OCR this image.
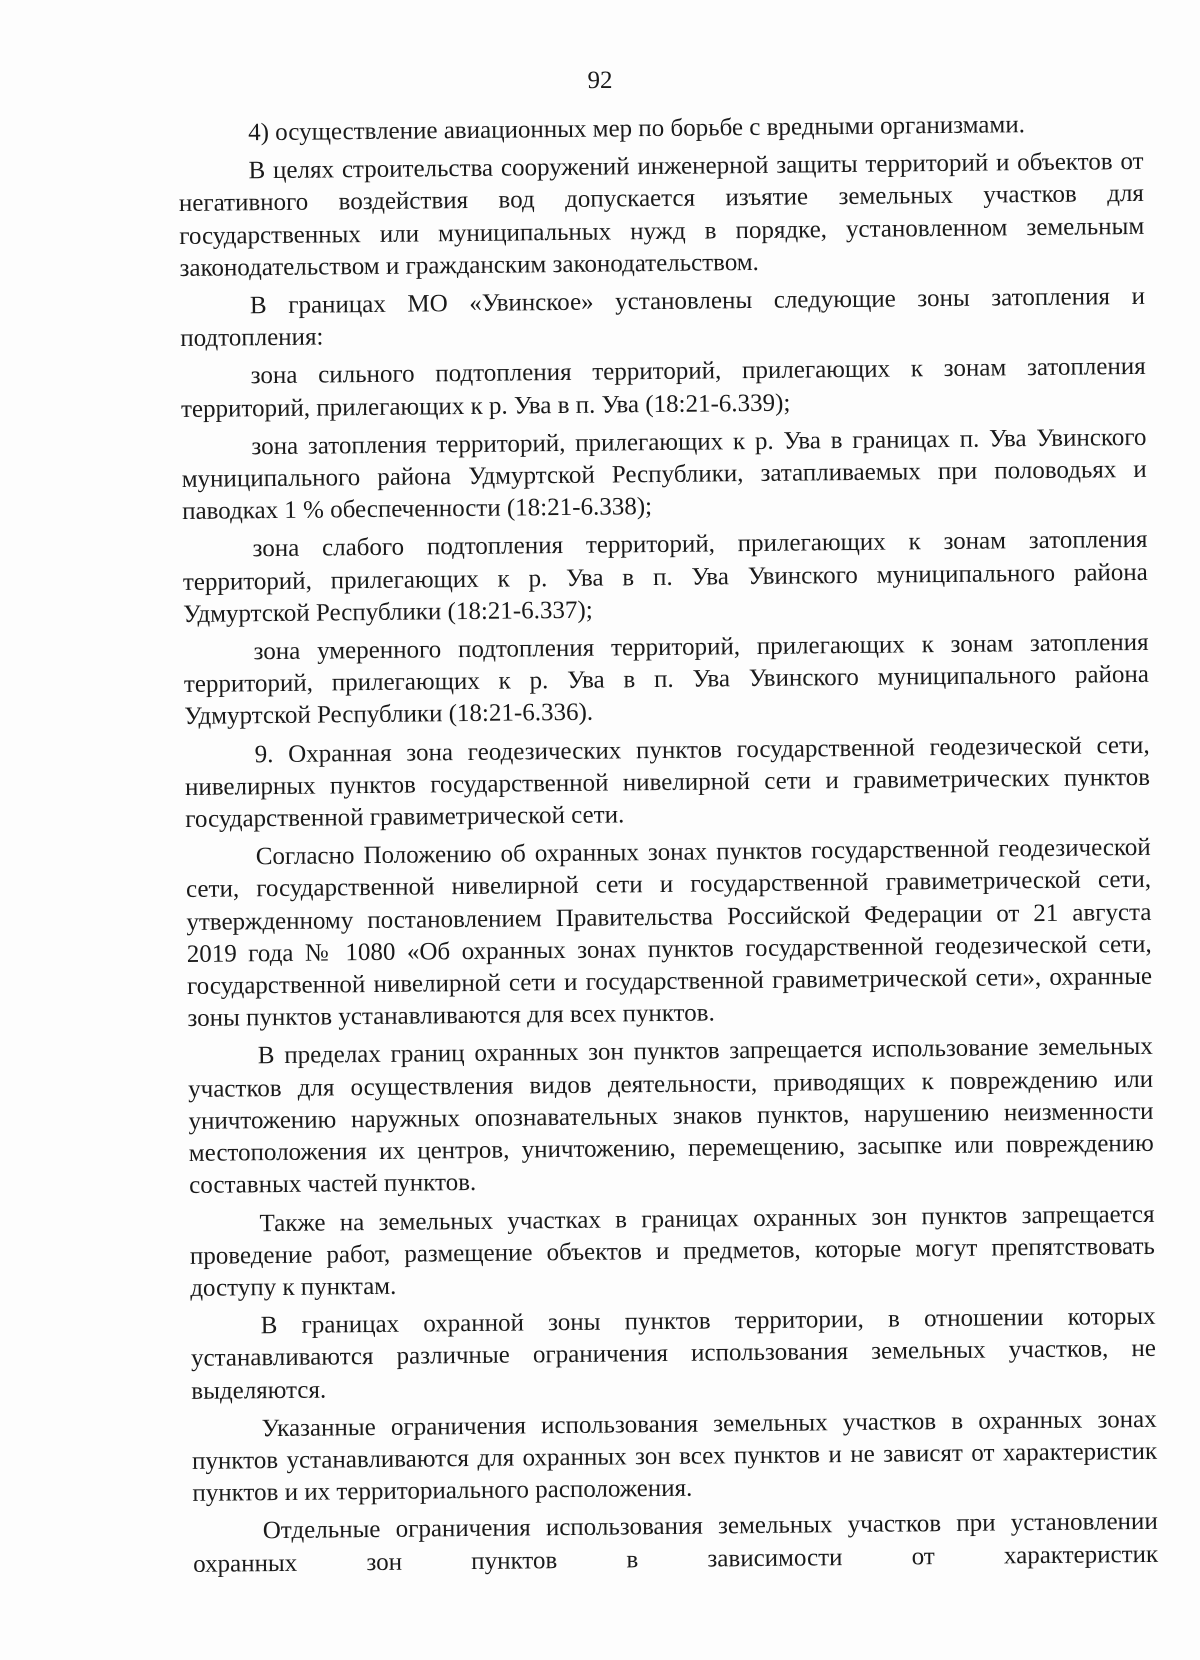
92

4) осуществление авиационных мер по борьбе с вредными организмами.

В целях строительства сооружений инженерной защиты территорий и объектов от негативного воздействия вод допускается изъятие земельных участков для государственных или муниципальных нужд в порядке, установленном земельным законодательством и гражданским законодательством.

В границах МО «Увинское» установлены следующие зоны затопления и подтопления:

зона сильного подтопления территорий, прилегающих к зонам затопления территорий, прилегающих к р. Ува в п. Ува (18:21-6.339);

зона затопления территорий, прилегающих к р. Ува в границах п. Ува Увинского муниципального района Удмуртской Республики, затапливаемых при половодьях и паводках 1 % обеспеченности (18:21-6.338);

зона слабого подтопления территорий, прилегающих к зонам затопления территорий, прилегающих к р. Ува в п. Ува Увинского муниципального района Удмуртской Республики (18:21-6.337);

зона умеренного подтопления территорий, прилегающих к зонам затопления территорий, прилегающих к р. Ува в п. Ува Увинского муниципального района Удмуртской Республики (18:21-6.336).

9. Охранная зона геодезических пунктов государственной геодезической сети, нивелирных пунктов государственной нивелирной сети и гравиметрических пунктов государственной гравиметрической сети.

Согласно Положению об охранных зонах пунктов государственной геодезической сети, государственной нивелирной сети и государственной гравиметрической сети, утвержденному постановлением Правительства Российской Федерации от 21 августа 2019 года № 1080 «Об охранных зонах пунктов государственной геодезической сети, государственной нивелирной сети и государственной гравиметрической сети», охранные зоны пунктов устанавливаются для всех пунктов.

В пределах границ охранных зон пунктов запрещается использование земельных участков для осуществления видов деятельности, приводящих к повреждению или уничтожению наружных опознавательных знаков пунктов, нарушению неизменности местоположения их центров, уничтожению, перемещению, засыпке или повреждению составных частей пунктов.

Также на земельных участках в границах охранных зон пунктов запрещается проведение работ, размещение объектов и предметов, которые могут препятствовать доступу к пунктам.

В границах охранной зоны пунктов территории, в отношении которых устанавливаются различные ограничения использования земельных участков, не выделяются.

Указанные ограничения использования земельных участков в охранных зонах пунктов устанавливаются для охранных зон всех пунктов и не зависят от характеристик пунктов и их территориального расположения.

Отдельные ограничения использования земельных участков при установлении охранных зон пунктов в зависимости от характеристик
